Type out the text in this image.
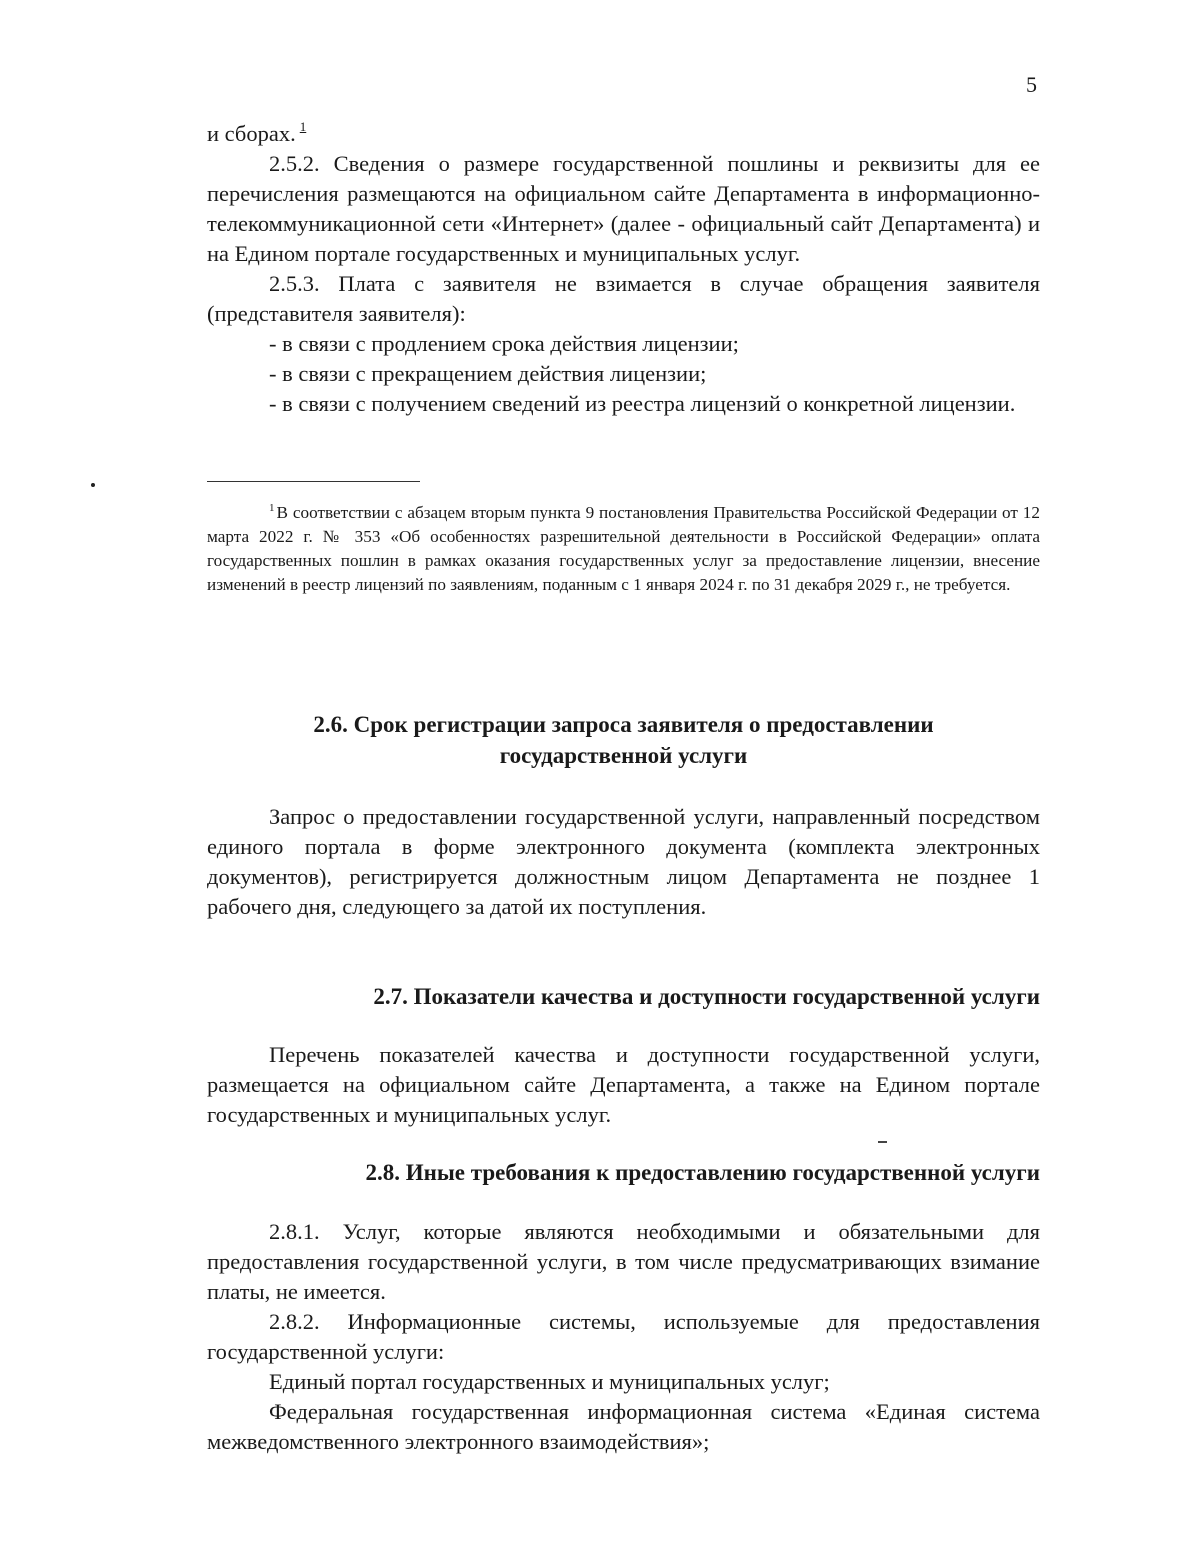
5

и сборах. $^1$

2.5.2. Сведения о размере государственной пошлины и реквизиты для ее перечисления размещаются на официальном сайте Департамента в информационно-телекоммуникационной сети «Интернет» (далее - официальный сайт Департамента) и на Едином портале государственных и муниципальных услуг.

2.5.3. Плата с заявителя не взимается в случае обращения заявителя (представителя заявителя):

- в связи с продлением срока действия лицензии;

- в связи с прекращением действия лицензии;

- в связи с получением сведений из реестра лицензий о конкретной лицензии.

$^1$ В соответствии с абзацем вторым пункта 9 постановления Правительства Российской Федерации от 12 марта 2022 г. № 353 «Об особенностях разрешительной деятельности в Российской Федерации» оплата государственных пошлин в рамках оказания государственных услуг за предоставление лицензии, внесение изменений в реестр лицензий по заявлениям, поданным с 1 января 2024 г. по 31 декабря 2029 г., не требуется.

2.6. Срок регистрации запроса заявителя о предоставлении
государственной услуги

Запрос о предоставлении государственной услуги, направленный посредством единого портала в форме электронного документа (комплекта электронных документов), регистрируется должностным лицом Департамента не позднее 1 рабочего дня, следующего за датой их поступления.

2.7. Показатели качества и доступности государственной услуги

Перечень показателей качества и доступности государственной услуги, размещается на официальном сайте Департамента, а также на Едином портале государственных и муниципальных услуг.

2.8. Иные требования к предоставлению государственной услуги

2.8.1. Услуг, которые являются необходимыми и обязательными для предоставления государственной услуги, в том числе предусматривающих взимание платы, не имеется.

2.8.2. Информационные системы, используемые для предоставления государственной услуги:

Единый портал государственных и муниципальных услуг;

Федеральная государственная информационная система «Единая система межведомственного электронного взаимодействия»;
